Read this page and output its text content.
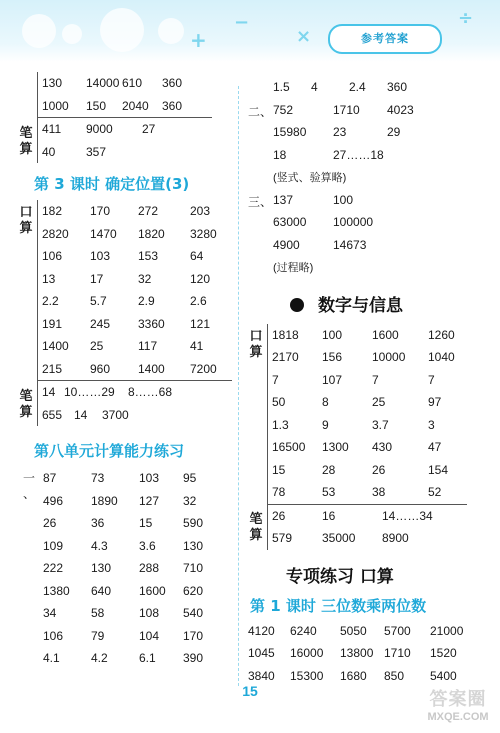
+
−
×
÷
参考答案
130	14000 610	360
1000	150	2040	360
笔
算
411	9000	27
40	357
第 3 课时 确定位置(3)
口
算
182	170	272	203
2820	1470	1820	3280
106	103	153	64
13	17	32	120
2.2	5.7	2.9	2.6
191	245	3360	121
1400	25	117	41
215	960	1400	7200
笔
算
14 10……29	8……68
655 14	3700
第八单元计算能力练习
一
、
87	73	103	95
496	1890	127	32
26	36	15	590
109	4.3	3.6	130
222	130	288	710
1380	640	1600	620
34	58	108	540
106	79	104	170
4.1	4.2	6.1	390
1.5	4	2.4	360
二、 752	1710	4023
15980	23	29
18	27……18
(竖式、验算略)
三、 137	100
63000	100000
4900	14673
(过程略)
数字与信息
口
算
1818	100	1600	1260
2170	156	10000	1040
7	107	7	7
50	8	25	97
1.3	9	3.7	3
16500	1300	430	47
15	28	26	154
78	53	38	52
笔
算
26	16	14……34
579	35000	8900
专项练习 口算
第 1 课时 三位数乘两位数
4120	6240	5050	5700	21000
1045	16000	13800 1710	1520
3840	15300	1680	850	5400
15	答案圈
MXQE.COM
